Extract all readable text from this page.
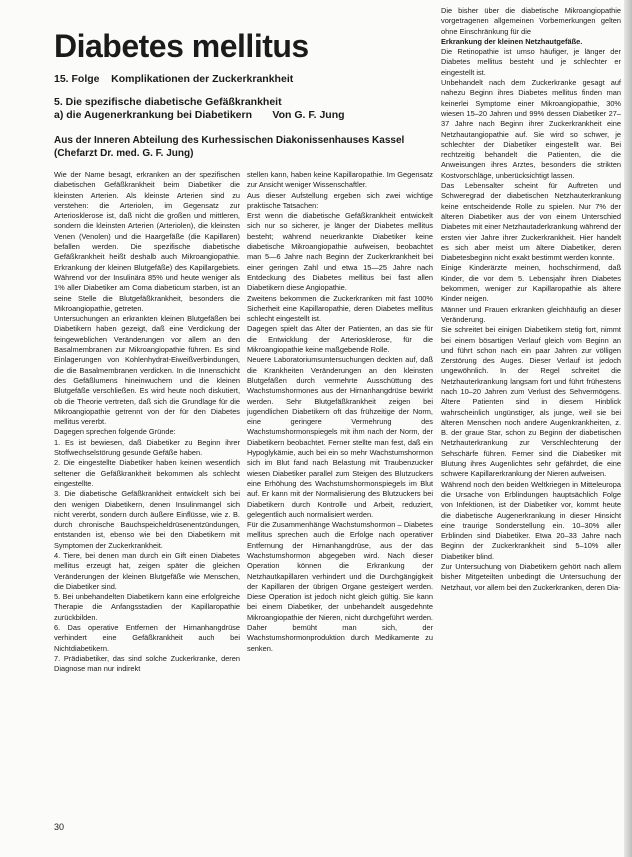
Diabetes mellitus
15. Folge    Komplikationen der Zuckerkrankheit
5. Die spezifische diabetische Gefäßkrankheit
a) die Augenerkrankung bei Diabetikern       Von G. F. Jung
Aus der Inneren Abteilung des Kurhessischen Diakonissenhauses Kassel (Chefarzt Dr. med. G. F. Jung)

Wie der Name besagt, erkranken an der spezifischen diabetischen Gefäßkrankheit beim Diabetiker die kleinsten Arterien. Als kleinste Arterien sind zu verstehen: die Arteriolen, im Gegensatz zur Arteriosklerose ist, daß nicht die großen und mittleren, sondern die kleinsten Arterien (Arteriolen), die kleinsten Venen (Venolen) und die Haargefäße (die Kapillaren) befallen werden. Die spezifische diabetische Gefäßkrankheit heißt deshalb auch Mikroangiopathie. Erkrankung der kleinen Blutgefäße) des Kapillargebiets. Während vor der Insulinära 85% und heute weniger als 1% aller Diabetiker am Coma diabeticum starben, ist an seine Stelle die Blutgefäßkrankheit, besonders die Mikroangiopathie, getreten.

Untersuchungen an erkrankten kleinen Blutgefäßen bei Diabetikern haben gezeigt, daß eine Verdickung der feingeweblichen Veränderungen vor allem an den Basalmembranen zur Mikroangiopathie führen. Es sind Einlagerungen von Kohlenhydrat-Eiweißverbindungen, die die Basalmembranen verdicken. In die Innenschicht des Gefäßlumens hineinwuchern und die kleinen Blutgefäße verschließen. Es wird heute noch diskutiert, ob die Theorie vertreten, daß sich die Grundlage für die Mikroangiopathie getrennt von der für den Diabetes mellitus vererbt.

Dagegen sprechen folgende Gründe:

1. Es ist bewiesen, daß Diabetiker zu Beginn ihrer Stoffwechselstörung gesunde Gefäße haben.

2. Die eingestellte Diabetiker haben keinen wesentlich seltener die Gefäßkrankheit bekommen als schlecht eingestellte.

3. Die diabetische Gefäßkrankheit entwickelt sich bei den wenigen Diabetikern, denen Insulinmangel sich nicht vererbt, sondern durch äußere Einflüsse, wie z. B. durch chronische Bauchspeicheldrüsenentzündungen, entstanden ist, ebenso wie bei den Diabetikern mit Symptomen der Zuckerkrankheit.

4. Tiere, bei denen man durch ein Gift einen Diabetes mellitus erzeugt hat, zeigen später die gleichen Veränderungen der kleinen Blutgefäße wie Menschen, die Diabetiker sind.

5. Bei unbehandelten Diabetikern kann eine erfolgreiche Therapie die Anfangsstadien der Kapillaropathie zurückbilden.

6. Das operative Entfernen der Hirnanhangdrüse verhindert eine Gefäßkrankheit auch bei Nichtdiabetikern.

7. Prädiabetiker, das sind solche Zuckerkranke, deren Diagnose man nur indirekt

stellen kann, haben keine Kapillaropathie. Im Gegensatz zur Ansicht weniger Wissenschaftler.

Aus dieser Aufstellung ergeben sich zwei wichtige praktische Tatsachen:

Erst wenn die diabetische Gefäßkrankheit entwickelt sich nur so sicherer, je länger der Diabetes mellitus besteht; während neuerkrankte Diabetiker keine diabetische Mikroangiopathie aufweisen, beobachtet man 5—6 Jahre nach Beginn der Zuckerkrankheit bei einer geringen Zahl und etwa 15—25 Jahre nach Entdeckung des Diabetes mellitus bei fast allen Diabetikern diese Angiopathie.

Zweitens bekommen die Zuckerkranken mit fast 100% Sicherheit eine Kapillaropathie, deren Diabetes mellitus schlecht eingestellt ist.

Dagegen spielt das Alter der Patienten, an das sie für die Entwicklung der Arteriosklerose, für die Mikroangiopathie keine maßgebende Rolle.

Neuere Laboratoriumsuntersuchungen deckten auf, daß die Krankheiten Veränderungen an den kleinsten Blutgefäßen durch vermehrte Ausschüttung des Wachstumshormones aus der Hirnanhangdrüse bewirkt werden. Sehr Blutgefäßkrankheit zeigen bei jugendlichen Diabetikern oft das frühzeitige der Norm, eine geringere Vermehrung des Wachstumshormonspiegels mit ihm nach der Norm, der Diabetikern beobachtet. Ferner stellte man fest, daß ein Hypoglykämie, auch bei ein so mehr Wachstumshormon sich im Blut fand nach Belastung mit Traubenzucker wiesen Diabetiker parallel zum Steigen des Blutzuckers eine Erhöhung des Wachstumshormonspiegels im Blut auf. Er kann mit der Normalisierung des Blutzuckers bei Diabetikern durch Kontrolle und Arbeit, reduziert, gelegentlich auch normalisiert werden.

Für die Zusammenhänge Wachstumshormon – Diabetes mellitus sprechen auch die Erfolge nach operativer Entfernung der Hirnanhangdrüse, aus der das Wachstumshormon abgegeben wird. Nach dieser Operation können die Erkrankung der Netzhautkapillaren verhindert und die Durchgängigkeit der Kapillaren der übrigen Organe gesteigert werden. Diese Operation ist jedoch nicht gleich gültig. Sie kann bei einem Diabetiker, der unbehandelt ausgedehnte Mikroangiopathie der Nieren, nicht durchgeführt werden. Daher bemüht man sich, der Wachstumshormonproduktion durch Medikamente zu senken.

Die bisher über die diabetische Mikroangiopathie vorgetragenen allgemeinen Vorbemerkungen gelten ohne Einschränkung für die

Erkrankung der kleinen Netzhautgefäße.

Die Retinopathie ist umso häufiger, je länger der Diabetes mellitus besteht und je schlechter er eingestellt ist.

Unbehandelt nach dem Zuckerkranke gesagt auf nahezu Beginn ihres Diabetes mellitus finden man keinerlei Symptome einer Mikroangiopathie, 30% wiesen 15–20 Jahren und 99% dessen Diabetiker 27–37 Jahre nach Beginn ihrer Zuckerkrankheit eine Netzhautangiopathie auf. Sie wird so schwer, je schlechter der Diabetiker eingestellt war. Bei rechtzeitig behandelt die Patienten, die die Anweisungen ihres Arztes, besonders die strikten Kostvorschläge, unberücksichtigt lassen.

Das Lebensalter scheint für Auftreten und Schweregrad der diabetischen Netzhauterkrankung keine entscheidende Rolle zu spielen. Nur 7% der älteren Diabetiker aus der von einem Unterschied Diabetes mit einer Netzhautaderkrankung während der ersten vier Jahre ihrer Zuckerkrankheit. Hier handelt es sich aber meist um ältere Diabetiker, deren Diabetesbeginn nicht exakt bestimmt werden konnte.

Einige Kinderärzte meinen, hochschirmend, daß Kinder, die vor dem 5. Lebensjahr ihren Diabetes bekommen, weniger zur Kapillaropathie als ältere Kinder neigen.

Männer und Frauen erkranken gleichhäufig an dieser Veränderung.

Sie schreitet bei einigen Diabetikern stetig fort, nimmt bei einem bösartigen Verlauf gleich vom Beginn an und führt schon nach ein paar Jahren zur völligen Zerstörung des Auges. Dieser Verlauf ist jedoch ungewöhnlich. In der Regel schreitet die Netzhauterkrankung langsam fort und führt frühestens nach 10–20 Jahren zum Verlust des Sehvermögens. Ältere Patienten sind in diesem Hinblick wahrscheinlich ungünstiger, als junge, weil sie bei älteren Menschen noch andere Augenkrankheiten, z. B. der graue Star, schon zu Beginn der diabetischen Netzhauterkrankung zur Verschlechterung der Sehschärfe führen. Ferner sind die Diabetiker mit Blutung ihres Augenlichtes sehr gefährdet, die eine schwere Kapillarerkrankung der Nieren aufweisen.

Während noch den beiden Weltkriegen in Mitteleuropa die Ursache von Erblindungen hauptsächlich Folge von Infektionen, ist der Diabetiker vor, kommt heute die diabetische Augenerkrankung in dieser Hinsicht eine traurige Sonderstellung ein. 10–30% aller Erblinden sind Diabetiker. Etwa 20–33 Jahre nach Beginn der Zuckerkrankheit sind 5–10% aller Diabetiker blind.

Zur Untersuchung von Diabetikern gehört nach allem bisher Mitgeteilten unbedingt die Untersuchung der Netzhaut, vor allem bei den Zuckerkranken, deren Dia-

30
